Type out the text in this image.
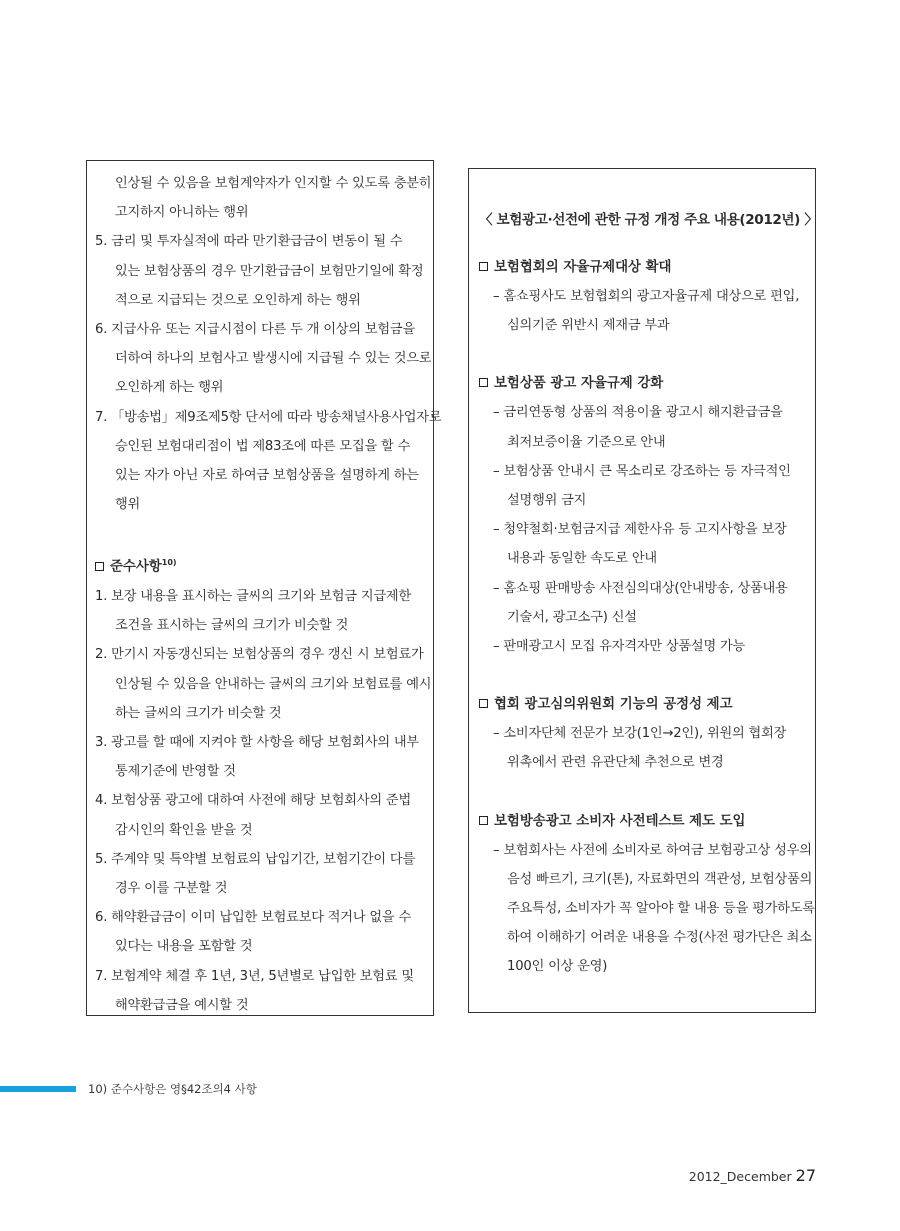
인상될 수 있음을 보험계약자가 인지할 수 있도록 충분히
고지하지 아니하는 행위
5. 금리 및 투자실적에 따라 만기환급금이 변동이 될 수
있는 보험상품의 경우 만기환급금이 보험만기일에 확정
적으로 지급되는 것으로 오인하게 하는 행위
6. 지급사유 또는 지급시점이 다른 두 개 이상의 보험금을
더하여 하나의 보험사고 발생시에 지급될 수 있는 것으로
오인하게 하는 행위
7. 「방송법」제9조제5항 단서에 따라 방송채널사용사업자로
승인된 보험대리점이 법 제83조에 따른 모집을 할 수
있는 자가 아닌 자로 하여금 보험상품을 설명하게 하는
행위
준수사항$^{10)}$
1. 보장 내용을 표시하는 글씨의 크기와 보험금 지급제한
조건을 표시하는 글씨의 크기가 비슷할 것
2. 만기시 자동갱신되는 보험상품의 경우 갱신 시 보험료가
인상될 수 있음을 안내하는 글씨의 크기와 보험료를 예시
하는 글씨의 크기가 비슷할 것
3. 광고를 할 때에 지켜야 할 사항을 해당 보험회사의 내부
통제기준에 반영할 것
4. 보험상품 광고에 대하여 사전에 해당 보험회사의 준법
감시인의 확인을 받을 것
5. 주계약 및 특약별 보험료의 납입기간, 보험기간이 다를
경우 이를 구분할 것
6. 해약환급금이 이미 납입한 보험료보다 적거나 없을 수
있다는 내용을 포함할 것
7. 보험계약 체결 후 1년, 3년, 5년별로 납입한 보험료 및
해약환급금을 예시할 것
〈 보험광고·선전에 관한 규정 개정 주요 내용(2012년) 〉
보험협회의 자율규제대상 확대
– 홈쇼핑사도 보험협회의 광고자율규제 대상으로 편입,
심의기준 위반시 제재금 부과
보험상품 광고 자율규제 강화
– 금리연동형 상품의 적용이율 광고시 해지환급금을
최저보증이율 기준으로 안내
– 보험상품 안내시 큰 목소리로 강조하는 등 자극적인
설명행위 금지
– 청약철회·보험금지급 제한사유 등 고지사항을 보장
내용과 동일한 속도로 안내
– 홈쇼핑 판매방송 사전심의대상(안내방송, 상품내용
기술서, 광고소구) 신설
– 판매광고시 모집 유자격자만 상품설명 가능
협회 광고심의위원회 기능의 공정성 제고
– 소비자단체 전문가 보강(1인→2인), 위원의 협회장
위촉에서 관련 유관단체 추천으로 변경
보험방송광고 소비자 사전테스트 제도 도입
– 보험회사는 사전에 소비자로 하여금 보험광고상 성우의
음성 빠르기, 크기(톤), 자료화면의 객관성, 보험상품의
주요특성, 소비자가 꼭 알아야 할 내용 등을 평가하도록
하여 이해하기 어려운 내용을 수정(사전 평가단은 최소
100인 이상 운영)
10) 준수사항은 영§42조의4 사항
2012_December 27
